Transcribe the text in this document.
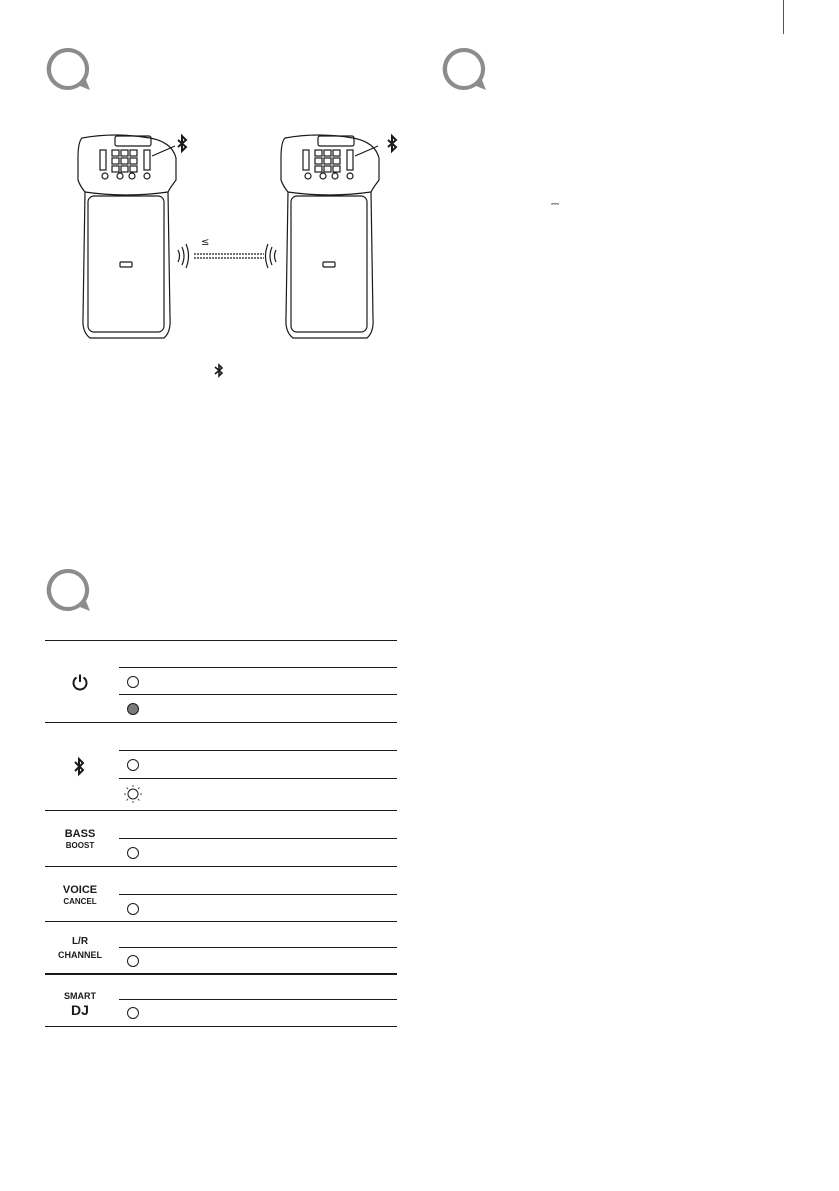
≤
⎓
BASS
BOOST
VOICE
CANCEL
L/R
CHANNEL
SMART
DJ
